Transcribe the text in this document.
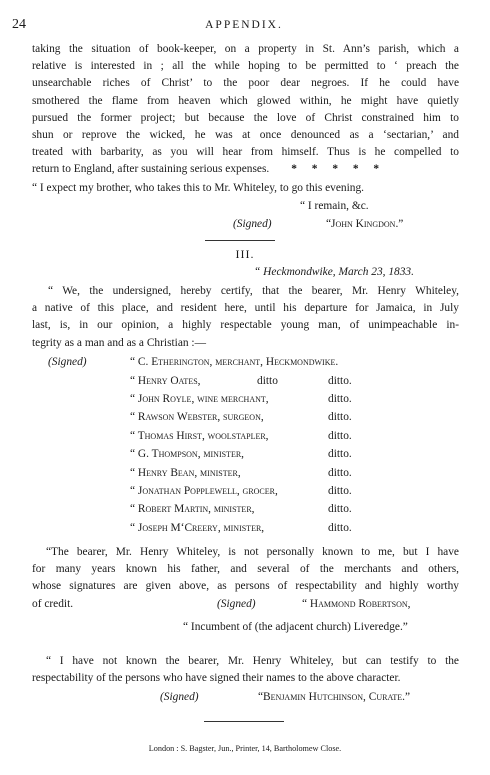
24	APPENDIX.
taking the situation of book-keeper, on a property in St. Ann’s parish, which a
relative is interested in ; all the while hoping to be permitted to ‘ preach the
unsearchable riches of Christ’ to the poor dear negroes. If he could have
smothered the flame from heaven which glowed within, he might have quietly
pursued the former project; but because the love of Christ constrained him to
shun or reprove the wicked, he was at once denounced as a ‘sectarian,’ and
treated with barbarity, as you will hear from himself. Thus is he compelled to
return to England, after sustaining serious expenses. * * * * *
“ I expect my brother, who takes this to Mr. Whiteley, to go this evening.
“ I remain, &c.
(Signed)	“John Kingdon.”
III.
“ Heckmondwike, March 23, 1833.
“ We, the undersigned, hereby certify, that the bearer, Mr. Henry Whiteley,
a native of this place, and resident here, until his departure for Jamaica, in July
last, is, in our opinion, a highly respectable young man, of unimpeachable in-
tegrity as a man and as a Christian :—
(Signed)	“ C. Etherington, merchant, Heckmondwike.
“ Henry Oates,	ditto	ditto.
“ John Royle, wine merchant,	ditto.
“ Rawson Webster, surgeon,	ditto.
“ Thomas Hirst, woolstapler,	ditto.
“ G. Thompson, minister,	ditto.
“ Henry Bean, minister,	ditto.
“ Jonathan Popplewell, grocer,	ditto.
“ Robert Martin, minister,	ditto.
“ Joseph M‘Creery, minister,	ditto.
“The bearer, Mr. Henry Whiteley, is not personally known to me, but I have
for many years known his father, and several of the merchants and others,
whose signatures are given above, as persons of respectability and highly worthy
of credit.	(Signed)	“ Hammond Robertson,
“ Incumbent of (the adjacent church) Liveredge.”
“ I have not known the bearer, Mr. Henry Whiteley, but can testify to the
respectability of the persons who have signed their names to the above character.
(Signed)	“Benjamin Hutchinson, Curate.”
London : S. Bagster, Jun., Printer, 14, Bartholomew Close.
